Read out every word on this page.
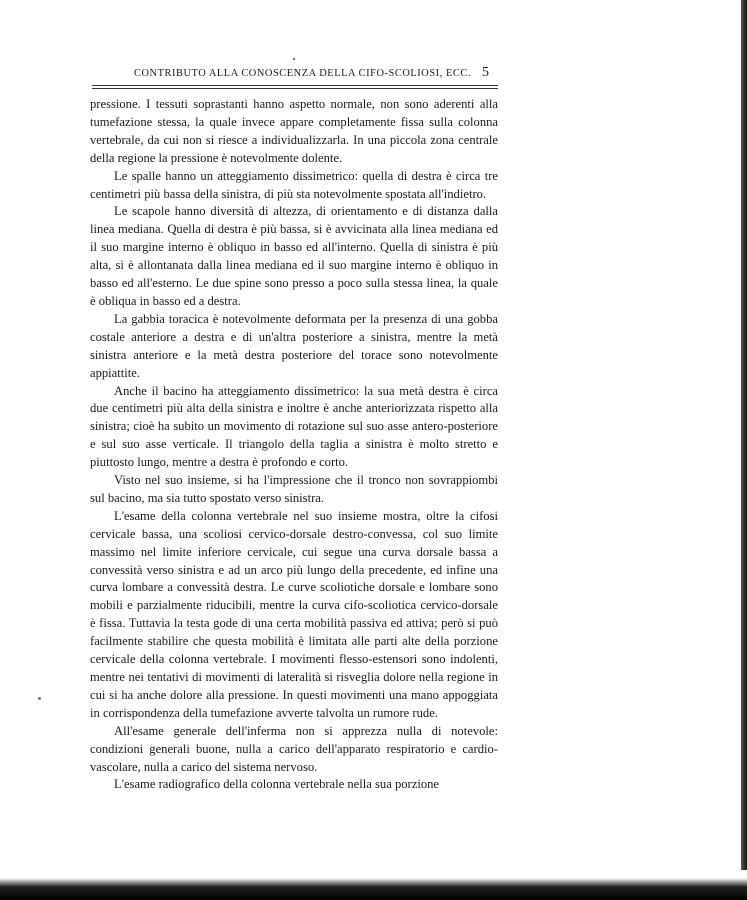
CONTRIBUTO ALLA CONOSCENZA DELLA CIFO-SCOLIOSI, ECC. 5

pressione. I tessuti soprastanti hanno aspetto normale, non sono aderenti alla tumefazione stessa, la quale invece appare completamente fissa sulla colonna vertebrale, da cui non si riesce a individualizzarla. In una piccola zona centrale della regione la pressione è notevolmente dolente.

Le spalle hanno un atteggiamento dissimetrico: quella di destra è circa tre centimetri più bassa della sinistra, di più sta notevolmente spostata all'indietro.

Le scapole hanno diversità di altezza, di orientamento e di distanza dalla linea mediana. Quella di destra è più bassa, si è avvicinata alla linea mediana ed il suo margine interno è obliquo in basso ed all'interno. Quella di sinistra è più alta, si è allontanata dalla linea mediana ed il suo margine interno è obliquo in basso ed all'esterno. Le due spine sono presso a poco sulla stessa linea, la quale è obliqua in basso ed a destra.

La gabbia toracica è notevolmente deformata per la presenza di una gobba costale anteriore a destra e di un'altra posteriore a sinistra, mentre la metà sinistra anteriore e la metà destra posteriore del torace sono notevolmente appiattite.

Anche il bacino ha atteggiamento dissimetrico: la sua metà destra è circa due centimetri più alta della sinistra e inoltre è anche anteriorizzata rispetto alla sinistra; cioè ha subito un movimento di rotazione sul suo asse antero-posteriore e sul suo asse verticale. Il triangolo della taglia a sinistra è molto stretto e piuttosto lungo, mentre a destra è profondo e corto.

Visto nel suo insieme, si ha l'impressione che il tronco non sovrappiombi sul bacino, ma sia tutto spostato verso sinistra.

L'esame della colonna vertebrale nel suo insieme mostra, oltre la cifosi cervicale bassa, una scoliosi cervico-dorsale destro-convessa, col suo limite massimo nel limite inferiore cervicale, cui segue una curva dorsale bassa a convessità verso sinistra e ad un arco più lungo della precedente, ed infine una curva lombare a convessità destra. Le curve scoliotiche dorsale e lombare sono mobili e parzialmente riducibili, mentre la curva cifo-scoliotica cervico-dorsale è fissa. Tuttavia la testa gode di una certa mobilità passiva ed attiva; però si può facilmente stabilire che questa mobilità è limitata alle parti alte della porzione cervicale della colonna vertebrale. I movimenti flesso-estensori sono indolenti, mentre nei tentativi di movimenti di lateralità si risveglia dolore nella regione in cui si ha anche dolore alla pressione. In questi movimenti una mano appoggiata in corrispondenza della tumefazione avverte talvolta un rumore rude.

All'esame generale dell'inferma non si apprezza nulla di notevole: condizioni generali buone, nulla a carico dell'apparato respiratorio e cardio-vascolare, nulla a carico del sistema nervoso.

L'esame radiografico della colonna vertebrale nella sua porzione
